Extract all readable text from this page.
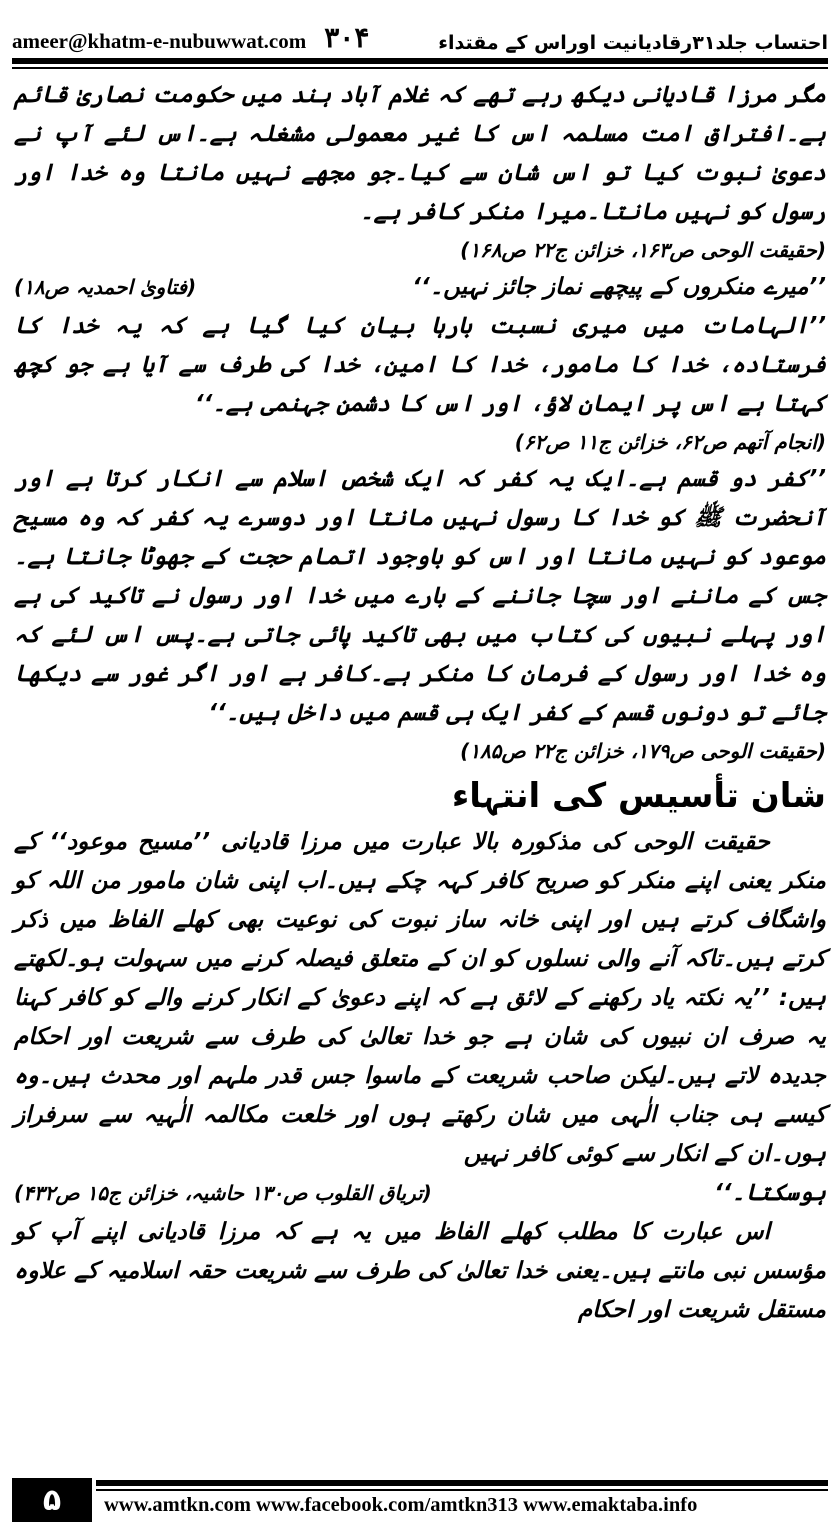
ameer@khatm-e-nubuwwat.com ٣٠۴	احتساب جلد۳۱رقادیانیت اوراس کے مقتداء

مگر مرزا قادیانی دیکھ رہے تھے کہ غلام آباد ہند میں حکومت نصاریٰ قائم ہے۔افتراق امت مسلمہ اس کا غیر معمولی مشغلہ ہے۔اس لئے آپ نے دعویٰ نبوت کیا تو اس شان سے کیا۔جو مجھے نہیں مانتا وہ خدا اور رسول کو نہیں مانتا۔میرا منکر کافر ہے۔

(حقیقت الوحی ص۱۶۳، خزائن ج۲۲ ص۱۶۸)

’’میرے منکروں کے پیچھے نماز جائز نہیں۔‘‘
(فتاویٰ احمدیہ ص۱۸)

’’الہامات میں میری نسبت بارہا بیان کیا گیا ہے کہ یہ خدا کا فرستادہ، خدا کا مامور، خدا کا امین، خدا کی طرف سے آیا ہے جو کچھ کہتا ہے اس پر ایمان لاؤ، اور اس کا دشمن جہنمی ہے۔‘‘

(انجام آتھم ص۶۲، خزائن ج۱۱ ص۶۲)

’’کفر دو قسم ہے۔ایک یہ کفر کہ ایک شخص اسلام سے انکار کرتا ہے اور آنحضرت ﷺ کو خدا کا رسول نہیں مانتا اور دوسرے یہ کفر کہ وہ مسیح موعود کو نہیں مانتا اور اس کو باوجود اتمام حجت کے جھوٹا جانتا ہے۔جس کے ماننے اور سچا جاننے کے بارے میں خدا اور رسول نے تاکید کی ہے اور پہلے نبیوں کی کتاب میں بھی تاکید پائی جاتی ہے۔پس اس لئے کہ وہ خدا اور رسول کے فرمان کا منکر ہے۔کافر ہے اور اگر غور سے دیکھا جائے تو دونوں قسم کے کفر ایک ہی قسم میں داخل ہیں۔‘‘

(حقیقت الوحی ص۱۷۹، خزائن ج۲۲ ص۱۸۵)

شان تأسیس کی انتہاء

حقیقت الوحی کی مذکورہ بالا عبارت میں مرزا قادیانی ’’مسیح موعود‘‘ کے منکر یعنی اپنے منکر کو صریح کافر کہہ چکے ہیں۔اب اپنی شان مامور من اللہ کو واشگاف کرتے ہیں اور اپنی خانہ ساز نبوت کی نوعیت بھی کھلے الفاظ میں ذکر کرتے ہیں۔تاکہ آنے والی نسلوں کو ان کے متعلق فیصلہ کرنے میں سہولت ہو۔لکھتے ہیں: ’’یہ نکتہ یاد رکھنے کے لائق ہے کہ اپنے دعویٰ کے انکار کرنے والے کو کافر کہنا یہ صرف ان نبیوں کی شان ہے جو خدا تعالیٰ کی طرف سے شریعت اور احکام جدیدہ لاتے ہیں۔لیکن صاحب شریعت کے ماسوا جس قدر ملہم اور محدث ہیں۔وہ کیسے ہی جناب الٰہی میں شان رکھتے ہوں اور خلعت مکالمہ الٰہیہ سے سرفراز ہوں۔ان کے انکار سے کوئی کافر نہیں

ہوسکتا۔‘‘
(تریاق القلوب ص۱۳۰ حاشیہ، خزائن ج۱۵ ص۴۳۲)

اس عبارت کا مطلب کھلے الفاظ میں یہ ہے کہ مرزا قادیانی اپنے آپ کو مؤسس نبی مانتے ہیں۔یعنی خدا تعالیٰ کی طرف سے شریعت حقہ اسلامیہ کے علاوہ مستقل شریعت اور احکام

۵	www.amtkn.com www.facebook.com/amtkn313 www.emaktaba.info
